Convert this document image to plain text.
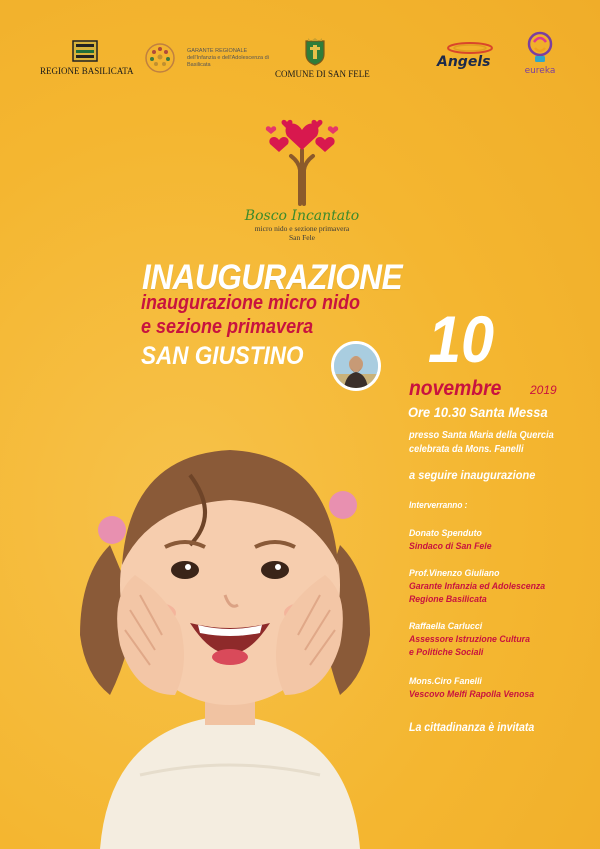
REGIONE BASILICATA
GARANTE REGIONALE dell'Infanzia e dell'Adolescenza di Basilicata
COMUNE DI SAN FELE
Angels
eureka
Bosco Incantato
micro nido e sezione primavera
San Fele
INAUGURAZIONE
inaugurazione micro nido
e sezione primavera
SAN GIUSTINO 10
novembre 2019
Ore 10.30 Santa Messa
presso Santa Maria della Quercia
celebrata da Mons. Fanelli
a seguire inaugurazione
Interverranno :
Donato Spenduto
Sindaco di San Fele
Prof.Vinenzo Giuliano
Garante Infanzia ed Adolescenza
Regione Basilicata
Raffaella Carlucci
Assessore Istruzione Cultura
e Politiche Sociali
Mons.Ciro Fanelli
Vescovo Melfi Rapolla Venosa
La cittadinanza è invitata
